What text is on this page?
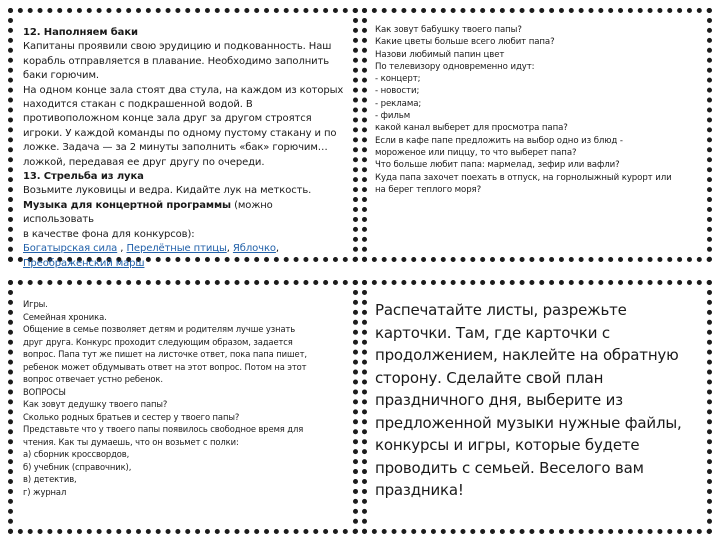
12. Наполняем баки

Капитаны проявили свою эрудицию и подкованность. Наш

корабль отправляется в плавание. Необходимо заполнить

баки горючим.

На одном конце зала стоят два стула, на каждом из которых

находится стакан с подкрашенной водой. В

противоположном конце зала друг за другом строятся

игроки. У каждой команды по одному пустому стакану и по

ложке. Задача — за 2 минуты заполнить «бак» горючим…

ложкой, передавая ее друг другу по очереди.

13. Стрельба из лука

Возьмите луковицы и ведра. Кидайте лук на меткость.

Музыка для концертной программы (можно использовать

в качестве фона для конкурсов):

Богатырская сила , Перелётные птицы, Яблочко,

Преображенский марш

Как зовут бабушку твоего папы?

Какие цветы больше всего любит папа?

Назови любимый папин цвет

По телевизору одновременно идут:

- концерт;

- новости;

- реклама;

- фильм

какой канал выберет для просмотра папа?

Если в кафе папе предложить на выбор одно из блюд -

мороженое или пиццу, то что выберет папа?

Что больше любит папа: мармелад, зефир или вафли?

Куда папа захочет поехать в отпуск, на горнолыжный курорт или

на берег теплого моря?

Игры.

Семейная хроника.

Общение в семье позволяет детям и родителям лучше узнать

друг друга. Конкурс проходит следующим образом, задается

вопрос. Папа тут же пишет на листочке ответ, пока папа пишет,

ребенок может обдумывать ответ на этот вопрос. Потом на этот

вопрос отвечает устно ребенок.

ВОПРОСЫ

Как зовут дедушку твоего папы?

Сколько родных братьев и сестер у твоего папы?

Представьте что у твоего папы появилось свободное время для

чтения. Как ты думаешь, что он возьмет с полки:

а) сборник кроссвордов,

б) учебник (справочник),

в) детектив,

г) журнал

Распечатайте листы, разрежьте

карточки. Там, где карточки с

продолжением, наклейте на обратную

сторону. Сделайте свой план

праздничного дня, выберите из

предложенной музыки нужные файлы,

конкурсы и игры, которые будете

проводить с семьей. Веселого вам

праздника!
